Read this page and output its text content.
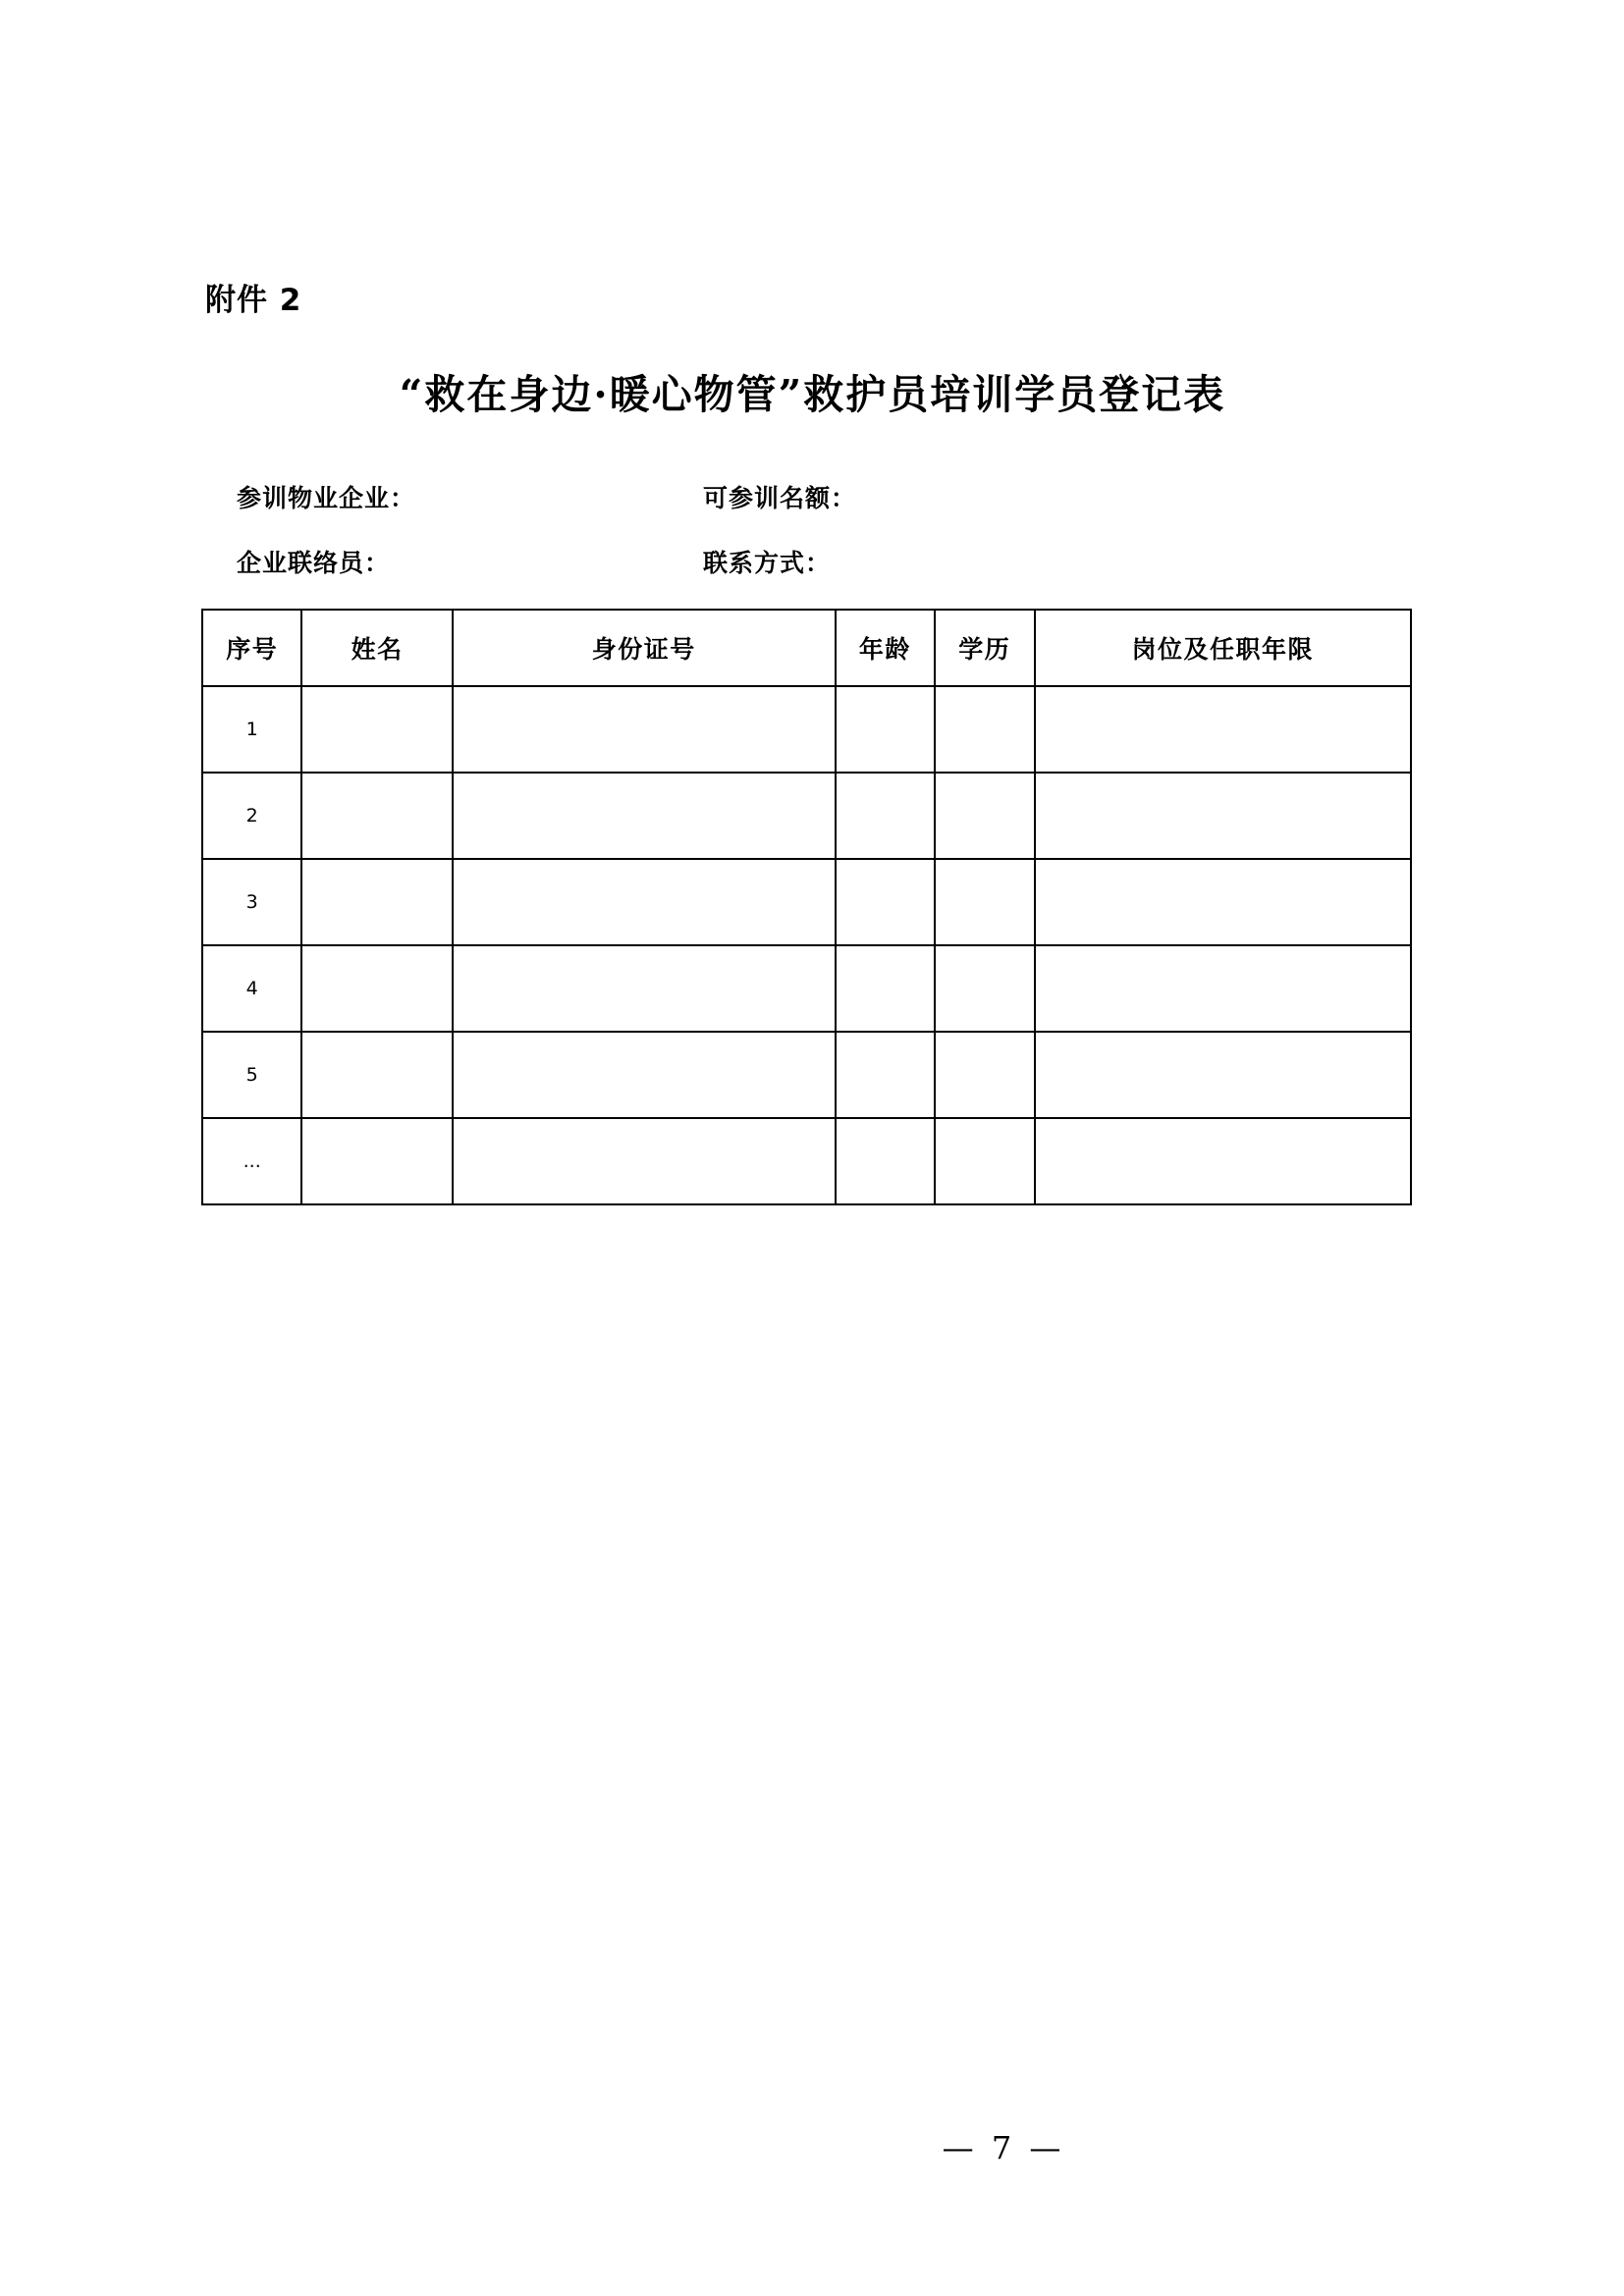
附件 2
“救在身边·暖心物管”救护员培训学员登记表
参训物业企业：	可参训名额：
企业联络员：	联系方式：
序号	姓名	身份证号	年龄	学历	岗位及任职年限
1					
2					
3					
4					
5					
...					
— 7 —
